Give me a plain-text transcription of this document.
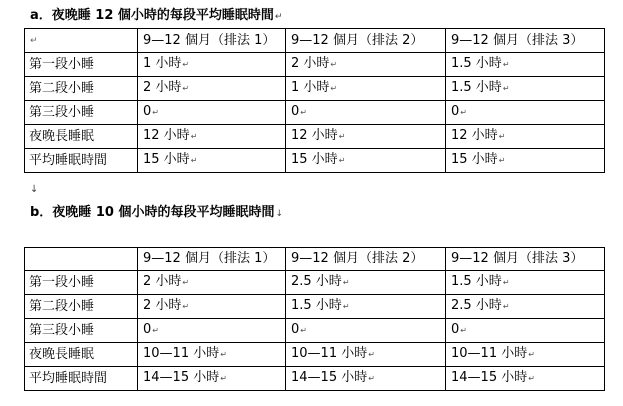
a．夜晚睡 12 個小時的每段平均睡眠時間↵
↵	9—12 個月（排法 1）	9—12 個月（排法 2）	9—12 個月（排法 3）
第一段小睡	1 小時↵	2 小時↵	1.5 小時↵
第二段小睡	2 小時↵	1 小時↵	1.5 小時↵
第三段小睡	0↵	0↵	0↵
夜晚長睡眠	12 小時↵	12 小時↵	12 小時↵
平均睡眠時間	15 小時↵	15 小時↵	15 小時↵
↓
b．夜晚睡 10 個小時的每段平均睡眠時間↓
	9—12 個月（排法 1）	9—12 個月（排法 2）	9—12 個月（排法 3）
第一段小睡	2 小時↵	2.5 小時↵	1.5 小時↵
第二段小睡	2 小時↵	1.5 小時↵	2.5 小時↵
第三段小睡	0↵	0↵	0↵
夜晚長睡眠	10—11 小時↵	10—11 小時↵	10—11 小時↵
平均睡眠時間	14—15 小時↵	14—15 小時↵	14—15 小時↵
